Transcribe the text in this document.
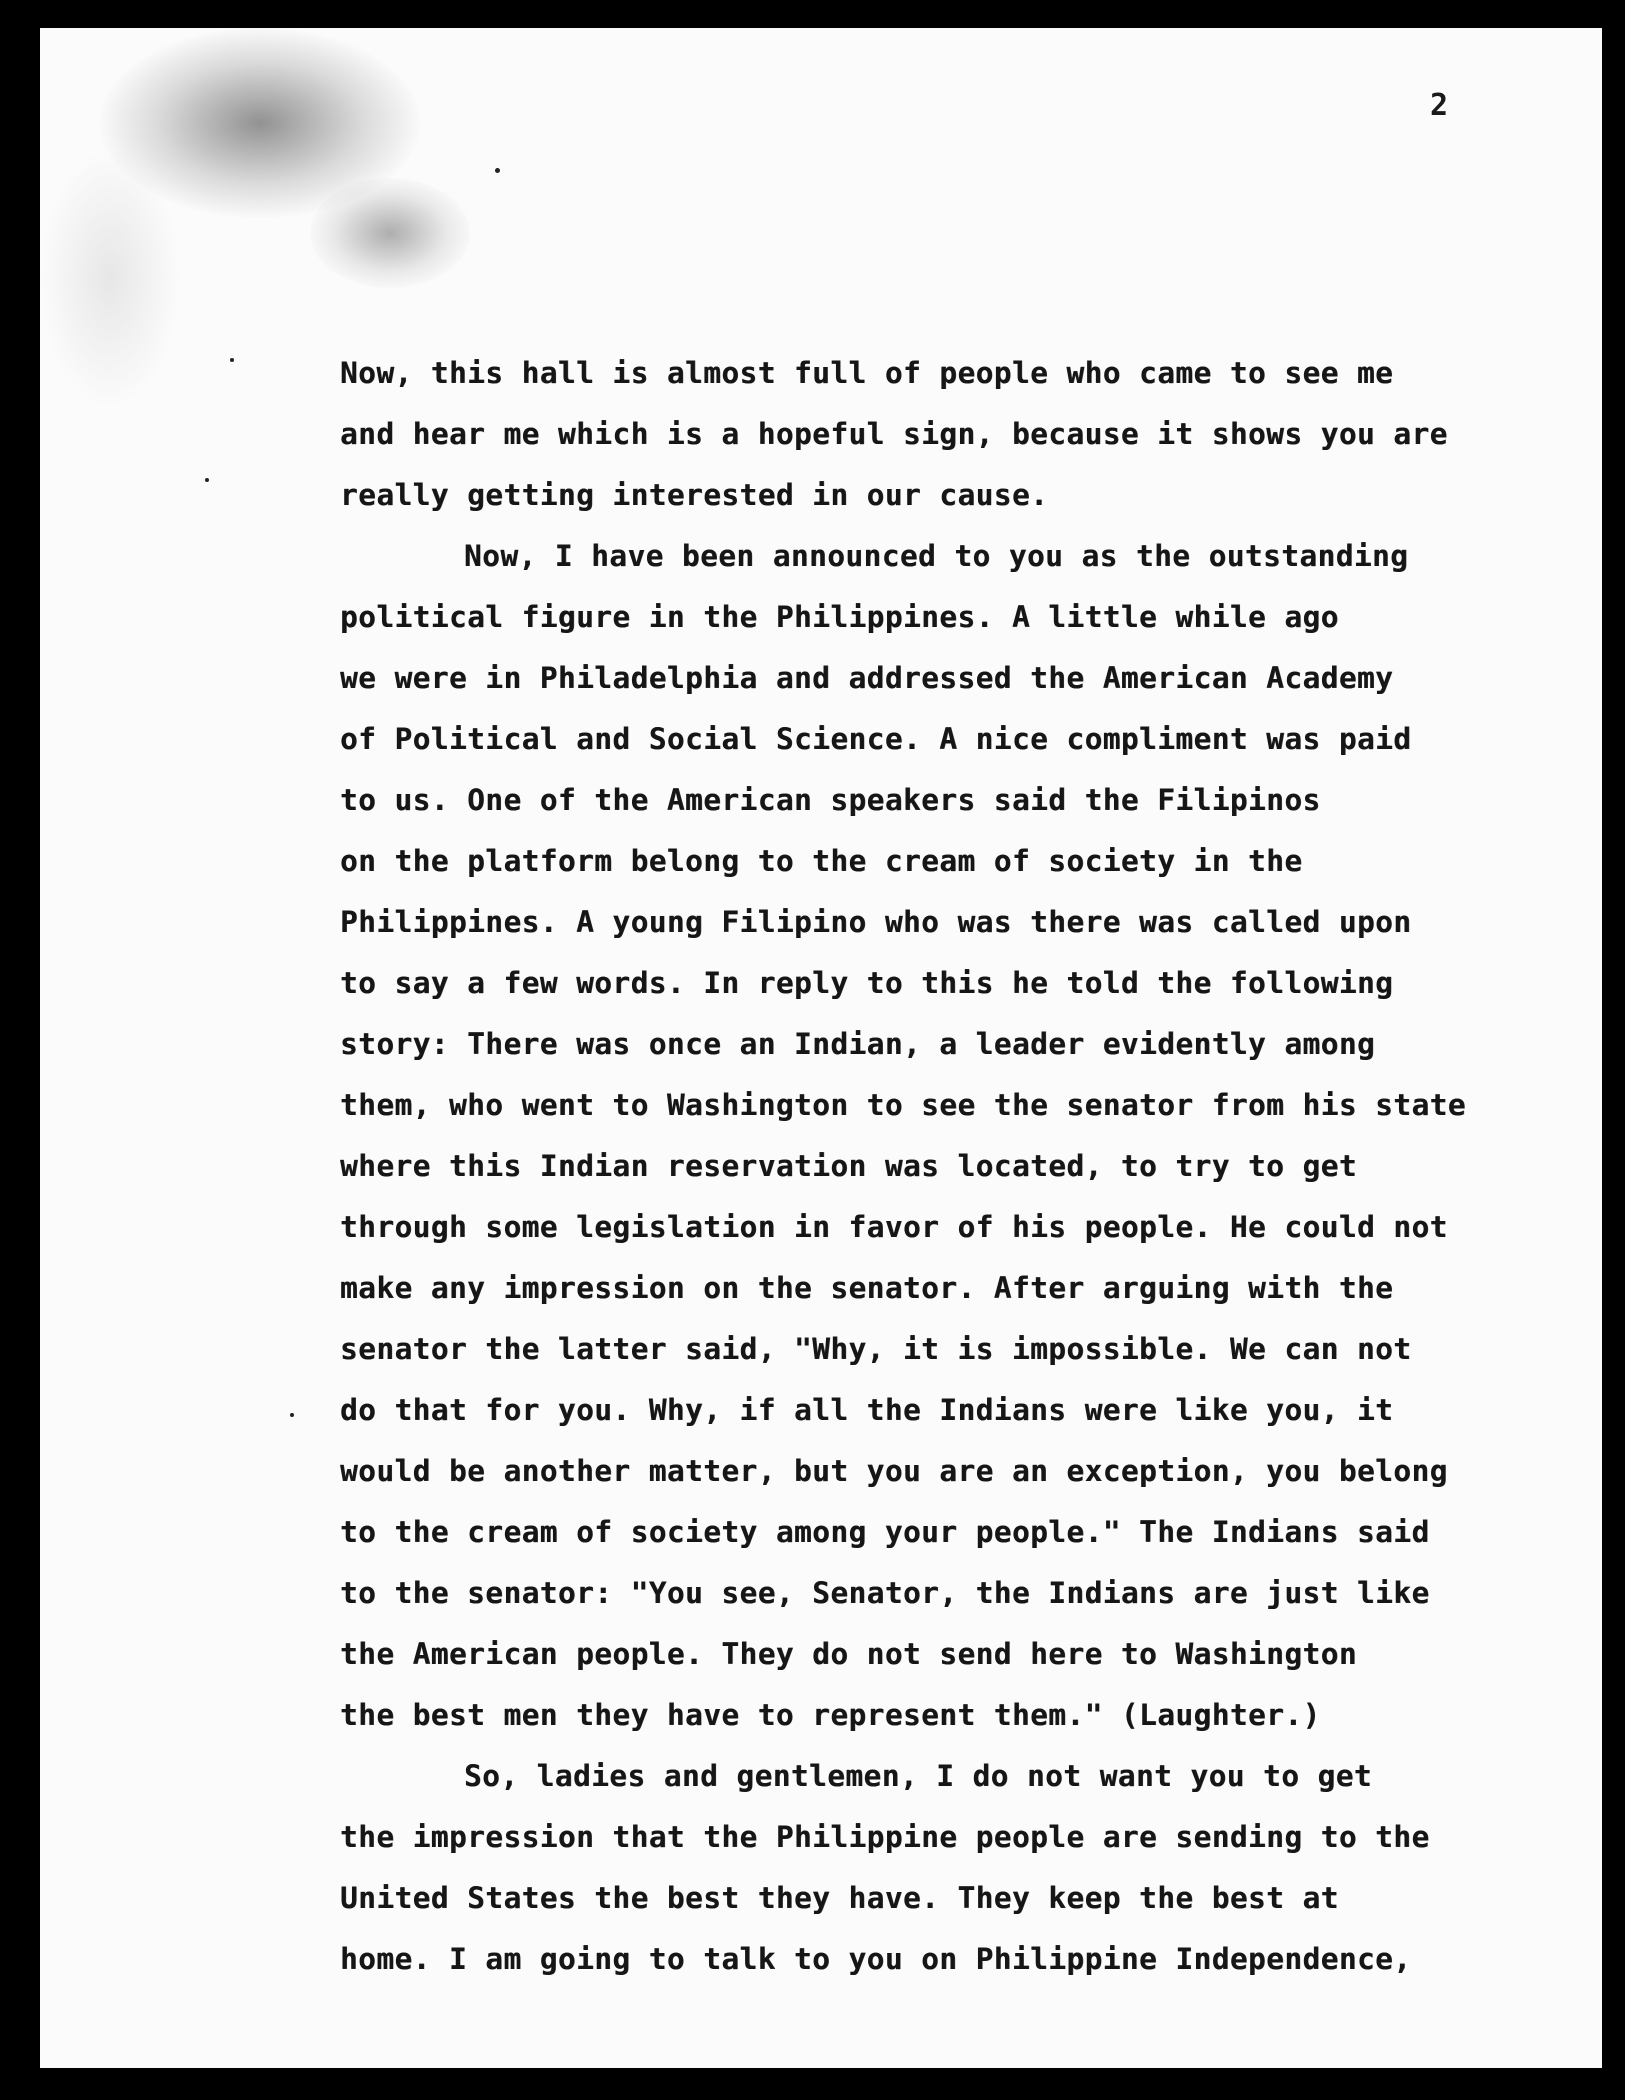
2
Now, this hall is almost full of people who came to see me
and hear me which is a hopeful sign, because it shows you are
really getting interested in our cause.
Now, I have been announced to you as the outstanding
political figure in the Philippines. A little while ago
we were in Philadelphia and addressed the American Academy
of Political and Social Science. A nice compliment was paid
to us. One of the American speakers said the Filipinos
on the platform belong to the cream of society in the
Philippines. A young Filipino who was there was called upon
to say a few words. In reply to this he told the following
story: There was once an Indian, a leader evidently among
them, who went to Washington to see the senator from his state
where this Indian reservation was located, to try to get
through some legislation in favor of his people. He could not
make any impression on the senator. After arguing with the
senator the latter said, "Why, it is impossible. We can not
do that for you. Why, if all the Indians were like you, it
would be another matter, but you are an exception, you belong
to the cream of society among your people." The Indians said
to the senator: "You see, Senator, the Indians are just like
the American people. They do not send here to Washington
the best men they have to represent them." (Laughter.)
So, ladies and gentlemen, I do not want you to get
the impression that the Philippine people are sending to the
United States the best they have. They keep the best at
home. I am going to talk to you on Philippine Independence,
